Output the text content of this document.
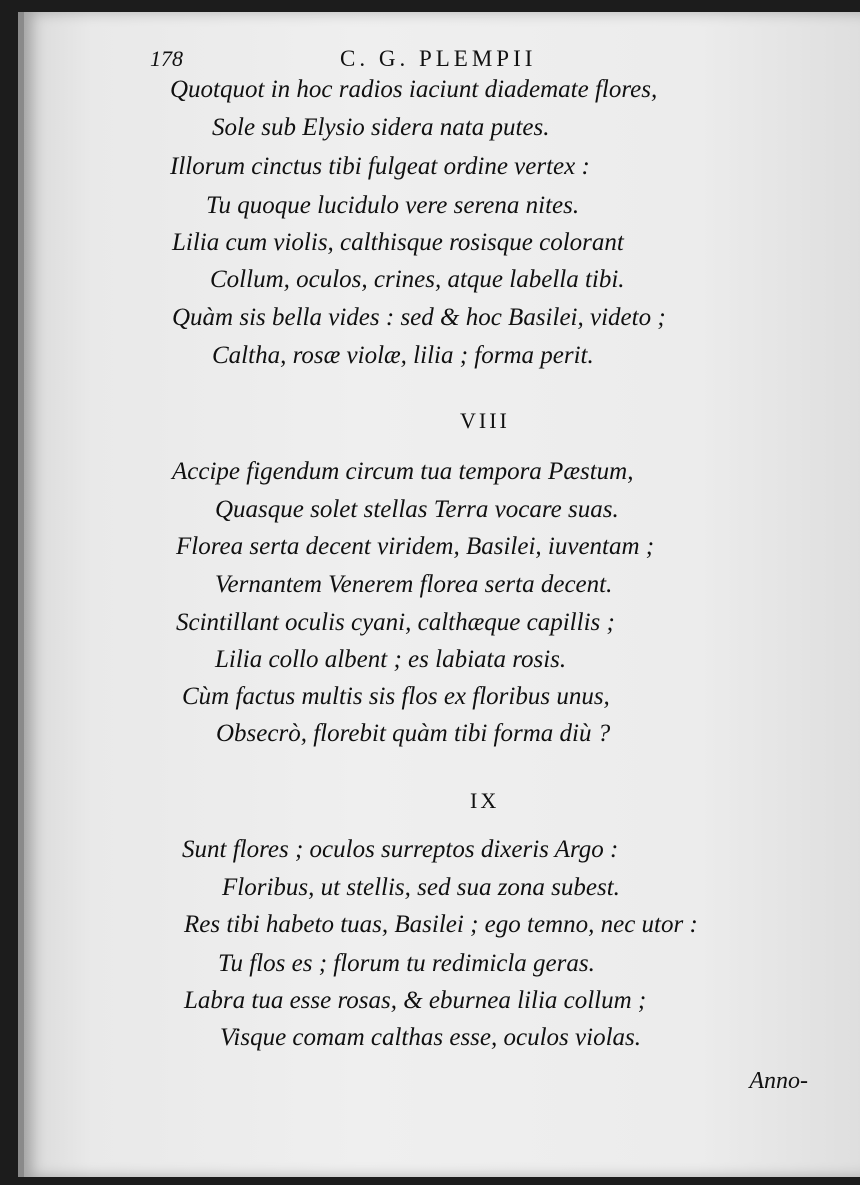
178	C. G. PLEMPII
Quotquot in hoc radios iaciunt diademate flores,
Sole sub Elysio sidera nata putes.
Illorum cinctus tibi fulgeat ordine vertex :
Tu quoque lucidulo vere serena nites.
Lilia cum violis, calthisque rosisque colorant
Collum, oculos, crines, atque labella tibi.
Quàm sis bella vides : sed & hoc Basilei, videto ;
Caltha, rosæ violæ, lilia ; forma perit.
VIII
Accipe figendum circum tua tempora Pæstum,
Quasque solet stellas Terra vocare suas.
Florea serta decent viridem, Basilei, iuventam ;
Vernantem Venerem florea serta decent.
Scintillant oculis cyani, calthæque capillis ;
Lilia collo albent ; es labiata rosis.
Cùm factus multis sis flos ex floribus unus,
Obsecrò, florebit quàm tibi forma diù ?
IX
Sunt flores ; oculos surreptos dixeris Argo :
Floribus, ut stellis, sed sua zona subest.
Res tibi habeto tuas, Basilei ; ego temno, nec utor :
Tu flos es ; florum tu redimicla geras.
Labra tua esse rosas, & eburnea lilia collum ;
Visque comam calthas esse, oculos violas.
Anno-
